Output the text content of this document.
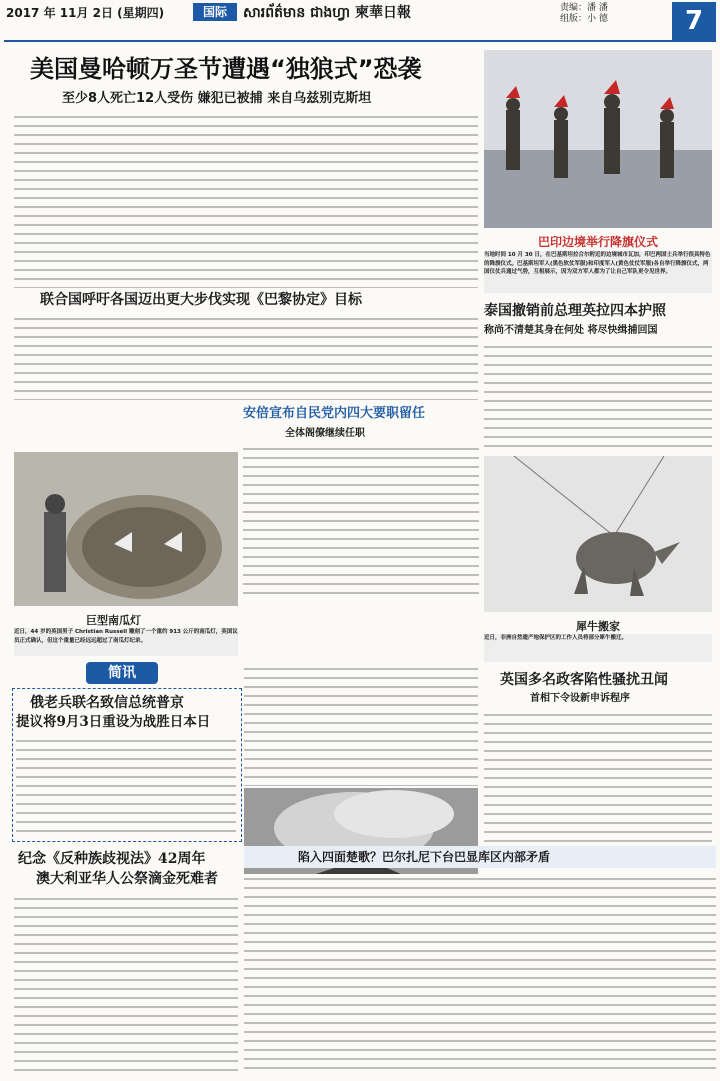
2017 年 11月 2日 (星期四)	国际	សារព័ត៌មាន ជាងហ្វា 柬華日報	责编：潘 潘
组版：小 德	7
美国曼哈顿万圣节遭遇“独狼式”恐袭
至少8人死亡12人受伤 嫌犯已被捕 来自乌兹别克斯坦
巴印边境举行降旗仪式
当地时间 10 月 30 日，在巴基斯坦拉合尔附近的边境城市瓦加，印巴两国士兵举行很具特色的降旗仪式。巴基斯坦军人(黑色软仗军服)和印度军人(黄色仗仗军服)各自举行降旗仪式，两国仪仗兵通过气势，互相展示，因为双方军人都为了让自己军队更令见世界。
联合国呼吁各国迈出更大步伐实现《巴黎协定》目标
泰国撤销前总理英拉四本护照
称尚不清楚其身在何处 将尽快缉捕回国
安倍宣布自民党内四大要职留任
全体阁僚继续任职
巨型南瓜灯
近日，44 岁的英国男子 Christian Russell 雕刻了一个重约 913 公斤的南瓜灯，英国议员正式确认，但这个重量已经远远超过了南瓜灯纪录。
犀牛搬家
近日，非洲自然遗产地保护区的工作人员将部分犀牛搬迁。
简讯
俄老兵联名致信总统普京
提议将9月3日重设为战胜日本日
英国多名政客陷性骚扰丑闻
首相下令设新申诉程序
纪念《反种族歧视法》42周年
澳大利亚华人公祭滴金死难者
陷入四面楚歌？巴尔扎尼下台巴显库区内部矛盾
